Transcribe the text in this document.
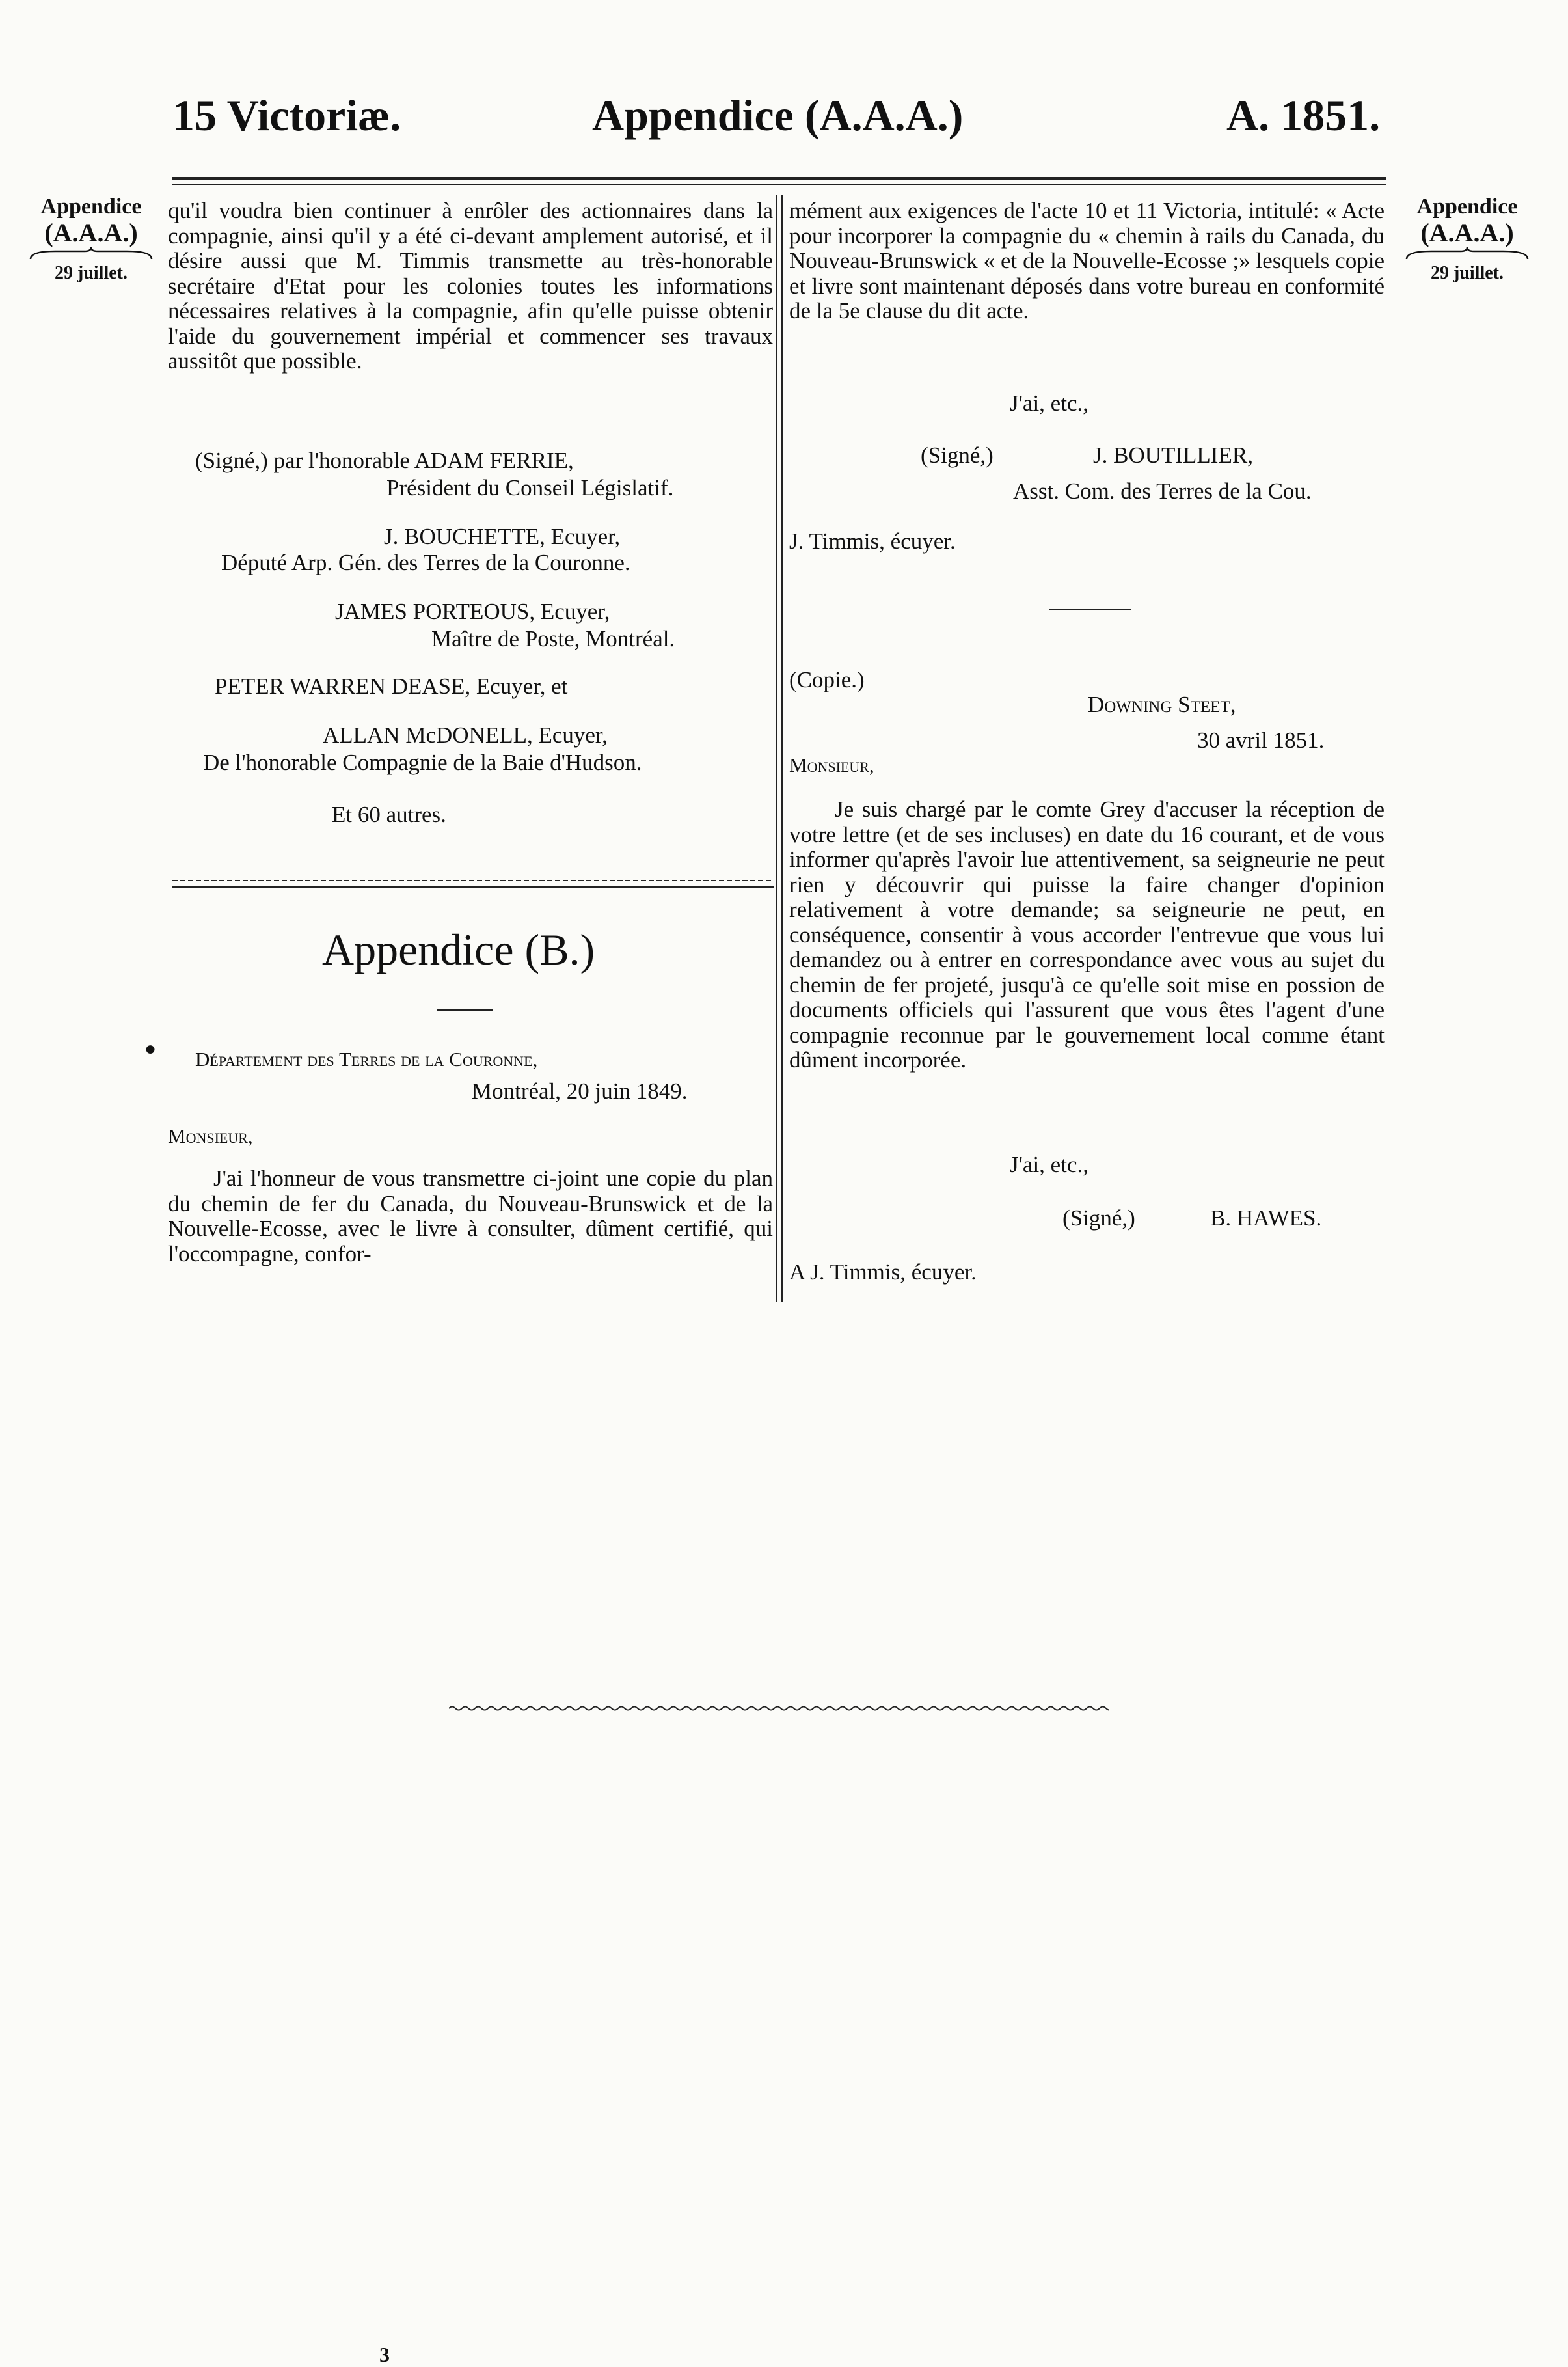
15 Victoriæ.	Appendice (A.A.A.)	A. 1851.
Appendice
(A.A.A.)
29 juillet.
Appendice
(A.A.A.)
29 juillet.

qu'il voudra bien continuer à enrôler des actionnaires dans la compagnie, ainsi qu'il y a été ci-devant amplement autorisé, et il désire aussi que M. Timmis transmette au très-honorable secrétaire d'Etat pour les colonies toutes les informations nécessaires relatives à la compagnie, afin qu'elle puisse obtenir l'aide du gouvernement impérial et commencer ses travaux aussitôt que possible.

(Signé,) par l'honorable ADAM FERRIE,
Président du Conseil Législatif.
J. BOUCHETTE, Ecuyer,
Député Arp. Gén. des Terres de la Couronne.
JAMES PORTEOUS, Ecuyer,
Maître de Poste, Montréal.
PETER WARREN DEASE, Ecuyer, et
ALLAN McDONELL, Ecuyer,
De l'honorable Compagnie de la Baie d'Hudson.
Et 60 autres.
Appendice (B.)
● Département des Terres de la Couronne,
Montréal, 20 juin 1849.
Monsieur,

J'ai l'honneur de vous transmettre ci-joint une copie du plan du chemin de fer du Canada, du Nouveau-Brunswick et de la Nouvelle-Ecosse, avec le livre à consulter, dûment certifié, qui l'occompagne, confor-

mément aux exigences de l'acte 10 et 11 Victoria, intitulé: « Acte pour incorporer la compagnie du « chemin à rails du Canada, du Nouveau-Brunswick « et de la Nouvelle-Ecosse ;» lesquels copie et livre sont maintenant déposés dans votre bureau en conformité de la 5e clause du dit acte.

J'ai, etc.,
(Signé,)	J. BOUTILLIER,
Asst. Com. des Terres de la Cou.
J. Timmis, écuyer.
(Copie.)
Downing Steet,
30 avril 1851.
Monsieur,

Je suis chargé par le comte Grey d'accuser la réception de votre lettre (et de ses incluses) en date du 16 courant, et de vous informer qu'après l'avoir lue attentivement, sa seigneurie ne peut rien y découvrir qui puisse la faire changer d'opinion relativement à votre demande; sa seigneurie ne peut, en conséquence, consentir à vous accorder l'entrevue que vous lui demandez ou à entrer en correspondance avec vous au sujet du chemin de fer projeté, jusqu'à ce qu'elle soit mise en possion de documents officiels qui l'assurent que vous êtes l'agent d'une compagnie reconnue par le gouvernement local comme étant dûment incorporée.

J'ai, etc.,
(Signé,)	B. HAWES.
A J. Timmis, écuyer.
3
